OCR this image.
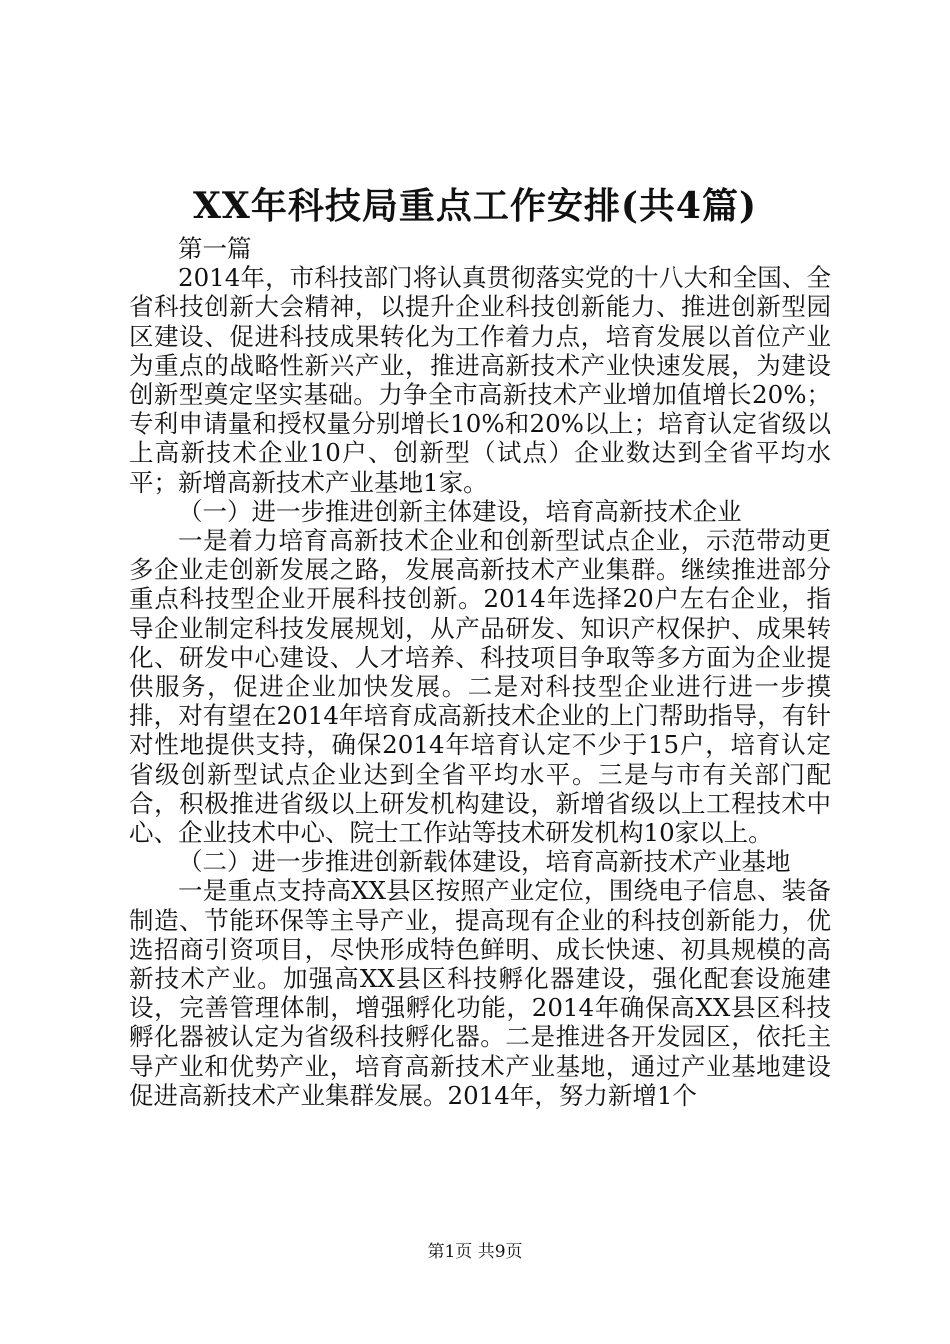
XX年科技局重点工作安排(共4篇)

第一篇

2014年，市科技部门将认真贯彻落实党的十八大和全国、全省科技创新大会精神，以提升企业科技创新能力、推进创新型园区建设、促进科技成果转化为工作着力点，培育发展以首位产业为重点的战略性新兴产业，推进高新技术产业快速发展，为建设创新型奠定坚实基础。力争全市高新技术产业增加值增长20%；专利申请量和授权量分别增长10%和20%以上；培育认定省级以上高新技术企业10户、创新型（试点）企业数达到全省平均水平；新增高新技术产业基地1家。

（一）进一步推进创新主体建设，培育高新技术企业

一是着力培育高新技术企业和创新型试点企业，示范带动更多企业走创新发展之路，发展高新技术产业集群。继续推进部分重点科技型企业开展科技创新。2014年选择20户左右企业，指导企业制定科技发展规划，从产品研发、知识产权保护、成果转化、研发中心建设、人才培养、科技项目争取等多方面为企业提供服务，促进企业加快发展。二是对科技型企业进行进一步摸排，对有望在2014年培育成高新技术企业的上门帮助指导，有针对性地提供支持，确保2014年培育认定不少于15户，培育认定省级创新型试点企业达到全省平均水平。三是与市有关部门配合，积极推进省级以上研发机构建设，新增省级以上工程技术中心、企业技术中心、院士工作站等技术研发机构10家以上。

（二）进一步推进创新载体建设，培育高新技术产业基地

一是重点支持高XX县区按照产业定位，围绕电子信息、装备制造、节能环保等主导产业，提高现有企业的科技创新能力，优选招商引资项目，尽快形成特色鲜明、成长快速、初具规模的高新技术产业。加强高XX县区科技孵化器建设，强化配套设施建设，完善管理体制，增强孵化功能，2014年确保高XX县区科技孵化器被认定为省级科技孵化器。二是推进各开发园区，依托主导产业和优势产业，培育高新技术产业基地，通过产业基地建设促进高新技术产业集群发展。2014年，努力新增1个

第1页 共9页
